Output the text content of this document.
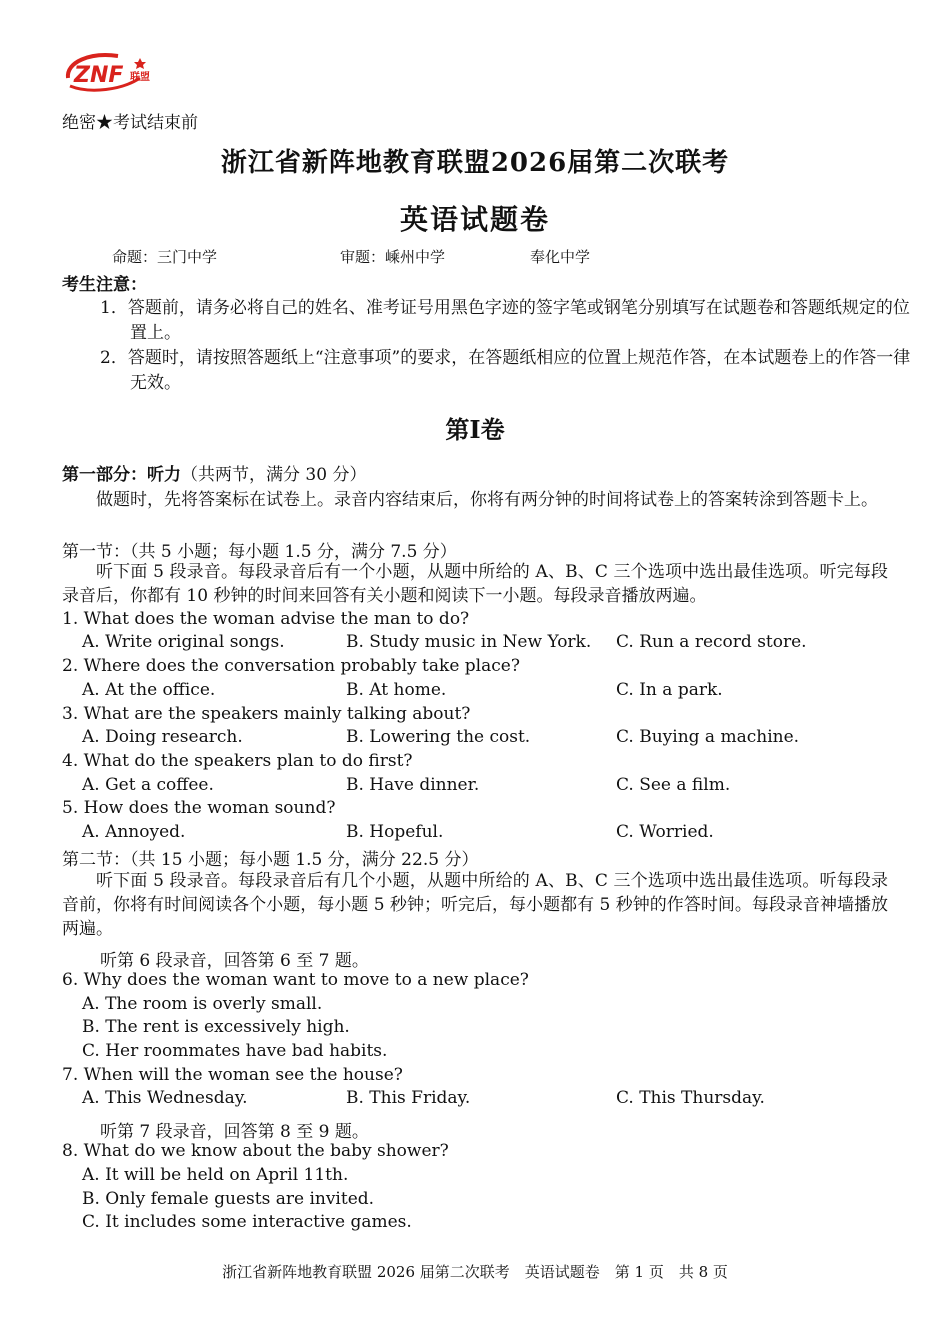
ZNF 联盟
绝密★考试结束前
浙江省新阵地教育联盟2026届第二次联考
英语试题卷
命题：三门中学	审题：嵊州中学	奉化中学
考生注意：
1．答题前，请务必将自己的姓名、准考证号用黑色字迹的签字笔或钢笔分别填写在试题卷和答题纸规定的位置上。
2．答题时，请按照答题纸上“注意事项”的要求，在答题纸相应的位置上规范作答，在本试题卷上的作答一律无效。
第Ⅰ卷
第一部分：听力（共两节，满分 30 分）
做题时，先将答案标在试卷上。录音内容结束后，你将有两分钟的时间将试卷上的答案转涂到答题卡上。
第一节：（共 5 小题；每小题 1.5 分，满分 7.5 分）
听下面 5 段录音。每段录音后有一个小题，从题中所给的 A、B、C 三个选项中选出最佳选项。听完每段录音后，你都有 10 秒钟的时间来回答有关小题和阅读下一小题。每段录音播放两遍。
1. What does the woman advise the man to do?
A. Write original songs.	B. Study music in New York. C. Run a record store.
2. Where does the conversation probably take place?
A. At the office.	B. At home.	C. In a park.
3. What are the speakers mainly talking about?
A. Doing research.	B. Lowering the cost.	C. Buying a machine.
4. What do the speakers plan to do first?
A. Get a coffee.	B. Have dinner.	C. See a film.
5. How does the woman sound?
A. Annoyed.	B. Hopeful.	C. Worried.
第二节：（共 15 小题；每小题 1.5 分，满分 22.5 分）
听下面 5 段录音。每段录音后有几个小题，从题中所给的 A、B、C 三个选项中选出最佳选项。听每段录音前，你将有时间阅读各个小题，每小题 5 秒钟；听完后，每小题都有 5 秒钟的作答时间。每段录音神墙播放两遍。
听第 6 段录音，回答第 6 至 7 题。
6. Why does the woman want to move to a new place?
A. The room is overly small.
B. The rent is excessively high.
C. Her roommates have bad habits.
7. When will the woman see the house?
A. This Wednesday.	B. This Friday.	C. This Thursday.
听第 7 段录音，回答第 8 至 9 题。
8. What do we know about the baby shower?
A. It will be held on April 11th.
B. Only female guests are invited.
C. It includes some interactive games.
浙江省新阵地教育联盟 2026 届第二次联考　英语试题卷　第 1 页　共 8 页
